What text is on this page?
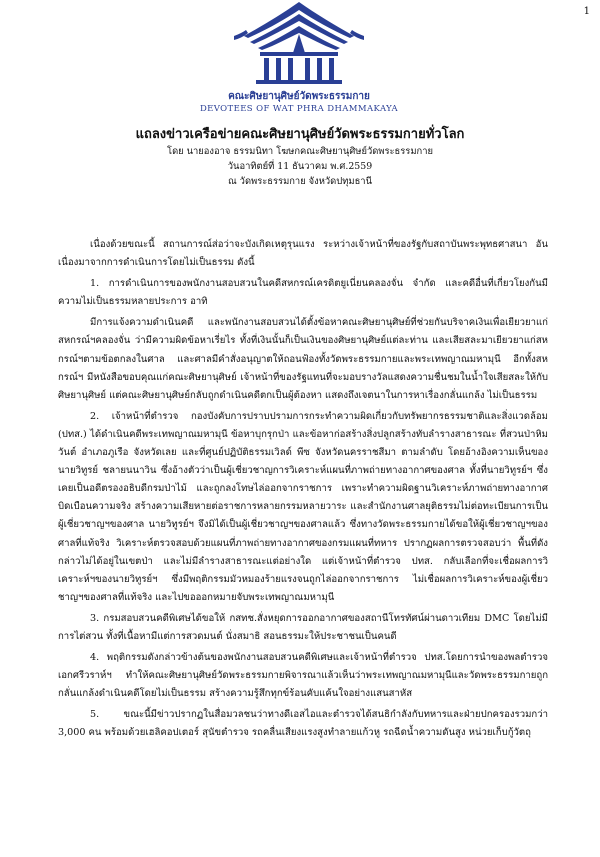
1
คณะศิษยานุศิษย์วัดพระธรรมกาย
DEVOTEES OF WAT PHRA DHAMMAKAYA

แถลงข่าวเครือข่ายคณะศิษยานุศิษย์วัดพระธรรมกายทั่วโลก

โดย นายองอาจ ธรรมนิทา โฆษกคณะศิษยานุศิษย์วัดพระธรรมกาย

วันอาทิตย์ที่ 11 ธันวาคม พ.ศ.2559

ณ วัดพระธรรมกาย จังหวัดปทุมธานี

เนื่องด้วยขณะนี้ สถานการณ์ส่อว่าจะบังเกิดเหตุรุนแรง ระหว่างเจ้าหน้าที่ของรัฐกับสถาบันพระพุทธศาสนา อันเนื่องมาจากการดำเนินการโดยไม่เป็นธรรม ดังนี้

1. การดำเนินการของพนักงานสอบสวนในคดีสหกรณ์เครดิตยูเนี่ยนคลองจั่น จำกัด และคดีอื่นที่เกี่ยวโยงกันมีความไม่เป็นธรรมหลายประการ อาทิ

มีการแจ้งความดำเนินคดี และพนักงานสอบสวนได้ตั้งข้อหาคณะศิษยานุศิษย์ที่ช่วยกันบริจาคเงินเพื่อเยียวยาแก่สหกรณ์ฯคลองจั่น ว่ามีความผิดข้อหาเรี่ยไร ทั้งที่เงินนั้นก็เป็นเงินของศิษยานุศิษย์แต่ละท่าน และเสียสละมาเยียวยาแก่สหกรณ์ฯตามข้อตกลงในศาล และศาลมีคำสั่งอนุญาตให้ถอนฟ้องทั้งวัดพระธรรมกายและพระเทพญาณมหามุนี อีกทั้งสหกรณ์ฯ มีหนังสือขอบคุณแก่คณะศิษยานุศิษย์ เจ้าหน้าที่ของรัฐแทนที่จะมอบรางวัลแสดงความชื่นชมในน้ำใจเสียสละให้กับศิษยานุศิษย์ แต่คณะศิษยานุศิษย์กลับถูกดำเนินคดีตกเป็นผู้ต้องหา แสดงถึงเจตนาในการหาเรื่องกลั่นแกล้ง ไม่เป็นธรรม

2. เจ้าหน้าที่ตำรวจ กองบังคับการปราบปรามการกระทำความผิดเกี่ยวกับทรัพยากรธรรมชาติและสิ่งแวดล้อม (ปทส.) ได้ดำเนินคดีพระเทพญาณมหามุนี ข้อหาบุกรุกป่า และข้อหาก่อสร้างสิ่งปลูกสร้างทับลำรางสาธารณะ ที่สวนป่าหิมวันต์ อำเภอภูเรือ จังหวัดเลย และที่ศูนย์ปฏิบัติธรรมเวิลด์ พีซ จังหวัดนครราชสีมา ตามลำดับ โดยอ้างอิงความเห็นของนายวิทูรย์ ชลายนนาวิน ซึ่งอ้างตัวว่าเป็นผู้เชี่ยวชาญการวิเคราะห์แผนที่ภาพถ่ายทางอากาศของศาล ทั้งที่นายวิทูรย์ฯ ซึ่งเคยเป็นอดีตรองอธิบดีกรมป่าไม้ และถูกลงโทษไล่ออกจากราชการ เพราะทำความผิดฐานวิเคราะห์ภาพถ่ายทางอากาศบิดเบือนความจริง สร้างความเสียหายต่อราชการหลายกรรมหลายวาระ และสำนักงานศาลยุติธรรมไม่ต่อทะเบียนการเป็นผู้เชี่ยวชาญฯของศาล นายวิทูรย์ฯ จึงมิได้เป็นผู้เชี่ยวชาญฯของศาลแล้ว ซึ่งทางวัดพระธรรมกายได้ขอให้ผู้เชี่ยวชาญฯของศาลที่แท้จริง วิเคราะห์ตรวจสอบด้วยแผนที่ภาพถ่ายทางอากาศของกรมแผนที่ทหาร ปรากฏผลการตรวจสอบว่า พื้นที่ดังกล่าวไม่ได้อยู่ในเขตป่า และไม่มีลำรางสาธารณะแต่อย่างใด แต่เจ้าหน้าที่ตำรวจ ปทส. กลับเลือกที่จะเชื่อผลการวิเคราะห์ฯของนายวิทูรย์ฯ ซึ่งมีพฤติกรรมมัวหมองร้ายแรงจนถูกไล่ออกจากราชการ ไม่เชื่อผลการวิเคราะห์ของผู้เชี่ยวชาญฯของศาลที่แท้จริง และไปขอออกหมายจับพระเทพญาณมหามุนี

3. กรมสอบสวนคดีพิเศษได้ขอให้ กสทช.สั่งหยุดการออกอากาศของสถานีโทรทัศน์ผ่านดาวเทียม DMC โดยไม่มีการไต่สวน ทั้งที่เนื้อหามีแต่การสวดมนต์ นั่งสมาธิ สอนธรรมะให้ประชาชนเป็นคนดี

4. พฤติกรรมดังกล่าวข้างต้นของพนักงานสอบสวนคดีพิเศษและเจ้าหน้าที่ตำรวจ ปทส.โดยการนำของพลตำรวจเอกศรีวราห์ฯ ทำให้คณะศิษยานุศิษย์วัดพระธรรมกายพิจารณาแล้วเห็นว่าพระเทพญาณมหามุนีและวัดพระธรรมกายถูกกลั่นแกล้งดำเนินคดีโดยไม่เป็นธรรม สร้างความรู้สึกทุกข์ร้อนคับแค้นใจอย่างแสนสาหัส

5. ขณะนี้มีข่าวปรากฏในสื่อมวลชนว่าทางดีเอสไอและตำรวจได้สนธิกำลังกับทหารและฝ่ายปกครองรวมกว่า 3,000 คน พร้อมด้วยเฮลิคอปเตอร์ สุนัขตำรวจ รถคลื่นเสียงแรงสูงทำลายแก้วหู รถฉีดน้ำความดันสูง หน่วยเก็บกู้วัตถุ
